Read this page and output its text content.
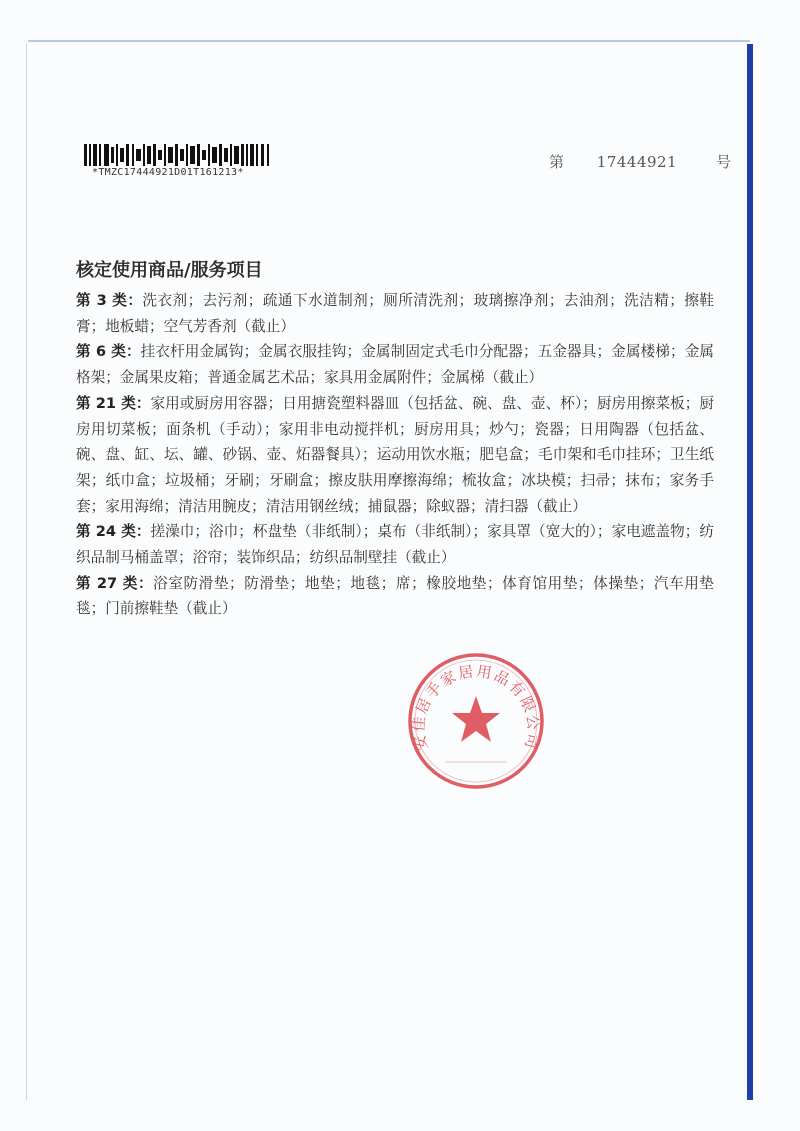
*TMZC17444921D01T161213*
第 17444921	号
核定使用商品/服务项目

第 3 类：洗衣剂；去污剂；疏通下水道制剂；厕所清洗剂；玻璃擦净剂；去油剂；洗洁精；擦鞋膏；地板蜡；空气芳香剂（截止）

第 6 类：挂衣杆用金属钩；金属衣服挂钩；金属制固定式毛巾分配器；五金器具；金属楼梯；金属格架；金属果皮箱；普通金属艺术品；家具用金属附件；金属梯（截止）

第 21 类：家用或厨房用容器；日用搪瓷塑料器皿（包括盆、碗、盘、壶、杯）；厨房用擦菜板；厨房用切菜板；面条机（手动）；家用非电动搅拌机；厨房用具；炒勺；瓷器；日用陶器（包括盆、碗、盘、缸、坛、罐、砂锅、壶、炻器餐具）；运动用饮水瓶；肥皂盒；毛巾架和毛巾挂环；卫生纸架；纸巾盒；垃圾桶；牙刷；牙刷盒；擦皮肤用摩擦海绵；梳妆盒；冰块模；扫帚；抹布；家务手套；家用海绵；清洁用腕皮；清洁用钢丝绒；捕鼠器；除蚁器；清扫器（截止）

第 24 类：搓澡巾；浴巾；杯盘垫（非纸制）；桌布（非纸制）；家具罩（宽大的）；家电遮盖物；纺织品制马桶盖罩；浴帘；装饰织品；纺织品制壁挂（截止）

第 27 类：浴室防滑垫；防滑垫；地垫；地毯；席；橡胶地垫；体育馆用垫；体操垫；汽车用垫毯；门前擦鞋垫（截止）

安佳居手家居用品有限公司
